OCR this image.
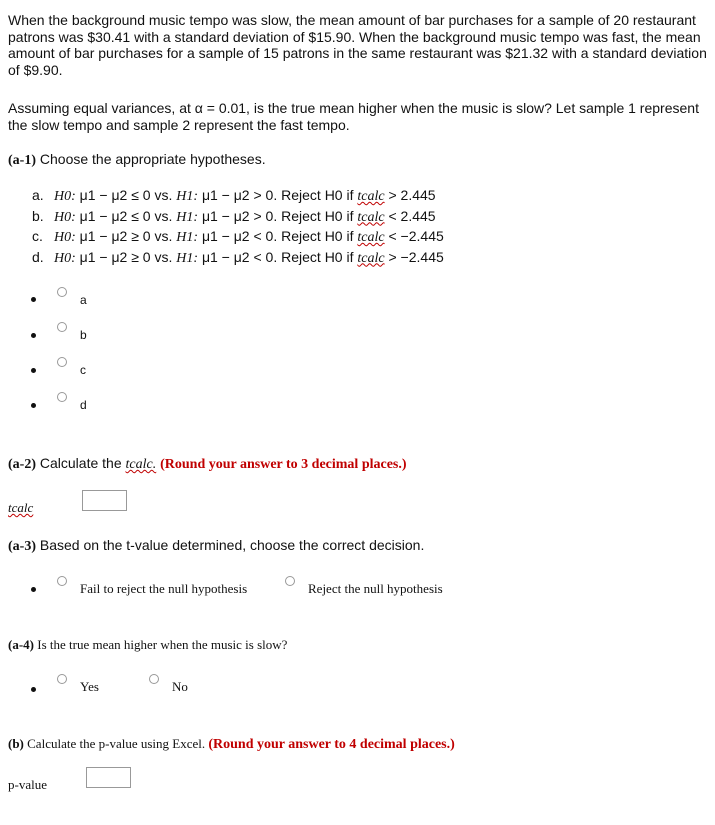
When the background music tempo was slow, the mean amount of bar purchases for a sample of 20 restaurant patrons was $30.41 with a standard deviation of $15.90. When the background music tempo was fast, the mean amount of bar purchases for a sample of 15 patrons in the same restaurant was $21.32 with a standard deviation of $9.90.
Assuming equal variances, at α = 0.01, is the true mean higher when the music is slow? Let sample 1 represent the slow tempo and sample 2 represent the fast tempo.
(a-1) Choose the appropriate hypotheses.
a. H0: μ1 − μ2 ≤ 0 vs. H1: μ1 − μ2 > 0. Reject H0 if tcalc > 2.445
b. H0: μ1 − μ2 ≤ 0 vs. H1: μ1 − μ2 > 0. Reject H0 if tcalc < 2.445
c. H0: μ1 − μ2 ≥ 0 vs. H1: μ1 − μ2 < 0. Reject H0 if tcalc < −2.445
d. H0: μ1 − μ2 ≥ 0 vs. H1: μ1 − μ2 < 0. Reject H0 if tcalc > −2.445
a
b
c
d
(a-2) Calculate the tcalc. (Round your answer to 3 decimal places.)
tcalc
(a-3) Based on the t-value determined, choose the correct decision.
Fail to reject the null hypothesis	Reject the null hypothesis
(a-4) Is the true mean higher when the music is slow?
Yes	No
(b) Calculate the p-value using Excel. (Round your answer to 4 decimal places.)
p-value
